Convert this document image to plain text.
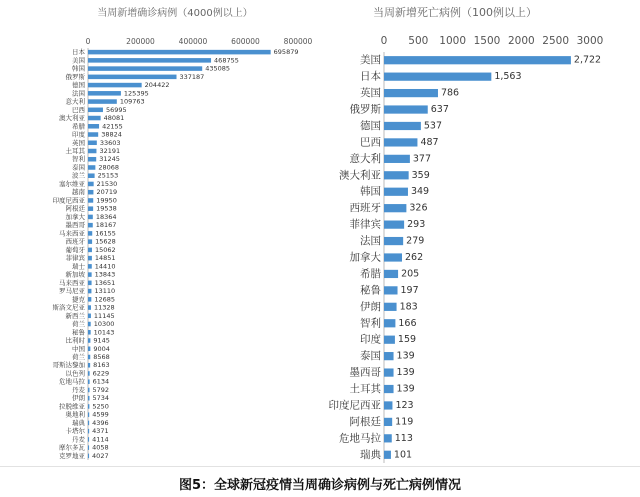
当周新增确诊病例（4000例以上）
0	200000	400000	600000	800000
日本	695879
美国	468755
韩国	435085
俄罗斯	337187
德国	204422
法国	125395
意大利	109763
巴西	56995
澳大利亚	48081
希腊	42155
印度 38824
英国 33603
土耳其 32191
智利 31245
泰国 28068
波兰 25153
塞尔维亚 21530
越南 20719
印度尼西亚 19950
阿根廷 19538
加拿大 18364
墨西哥 18167
马来西亚 16155
西班牙 15628
葡萄牙 15062
菲律宾 14851
瑞士 14410
新加坡 13843
马来西亚 13651
罗马尼亚 13110
捷克 12685
斯洛文尼亚 11328
新西兰 11145
荷兰 10300
秘鲁 10143
比利时 9145
中国 9004
荷兰 8568
哥斯达黎加 8163
以色列 6229
危地马拉 6134
丹麦 5792
伊朗 5734
拉脱维亚 5250
奥地利 4599
瑞典 4396
卡塔尔 4371
丹麦 4114
摩尔多瓦 4058
克罗地亚 4027
当周新增死亡病例（100例以上）
0 500 1000 1500 2000 2500 3000
美国	2,722
日本	1,563
英国	786
俄罗斯	637
德国	537
巴西	487
意大利	377
澳大利亚	359
韩国	349
西班牙	326
菲律宾	293
法国	279
加拿大	262
希腊 205
秘鲁 197
伊朗 183
智利 166
印度 159
泰国 139
墨西哥 139
土耳其 139
印度尼西亚 123
阿根廷 119
危地马拉 113
瑞典 101
图5：全球新冠疫情当周确诊病例与死亡病例情况
